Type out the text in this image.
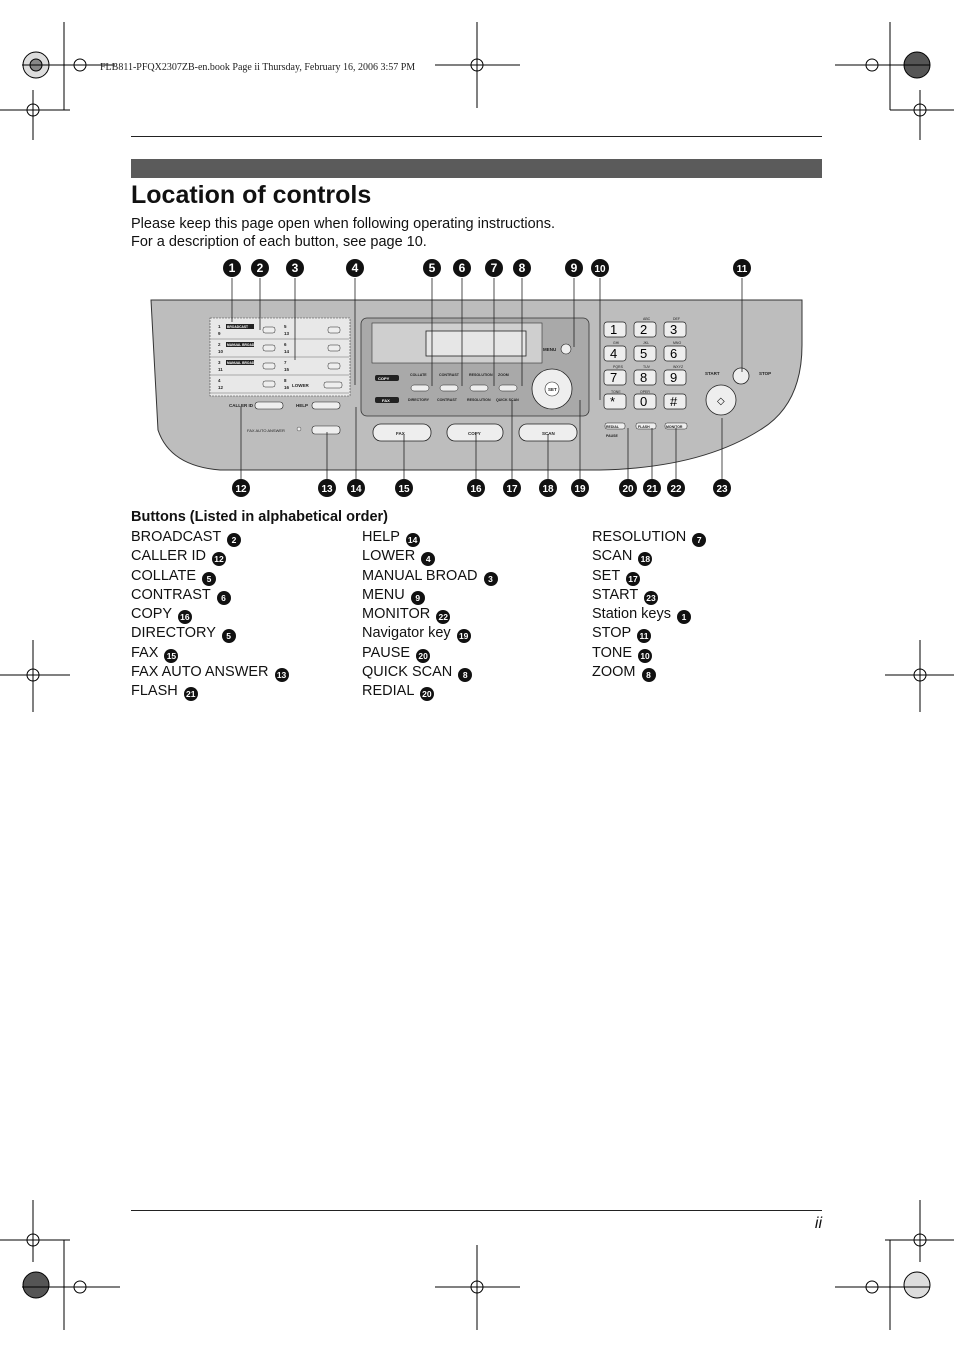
FLB811-PFQX2307ZB-en.book Page ii Thursday, February 16, 2006 3:57 PM
Location of controls
Please keep this page open when following operating instructions.
For a description of each button, see page 10.
1
9
5
13
BROADCAST
2
10
6
14
MANUAL BROAD
3
11
7
15
MANUAL BROAD
4
12
8
16
COLLATE
DIRECTORY
CONTRAST
CONTRAST
RESOLUTION
RESOLUTION
ZOOM
QUICK SCAN
COPY
FAX
SET
MENU
1
ABC
2
DEF
3
GHI
4
JKL
5
MNO
6
PQRS
7
TUV
8
WXYZ
9
* 0 #
TONE	OPER
◇
START	STOP
REDIAL
PAUSE
FLASH	MONITOR
FAX	COPY	SCAN
CALLER ID	HELP
FAX AUTO ANSWER
LOWER
1 2 3	4	5 6 7 8	9 10	11
12	13 14	15	16 17 18 19	20 21 22	23
Buttons (Listed in alphabetical order)
BROADCAST 2
CALLER ID 12
COLLATE 5
CONTRAST 6
COPY 16
DIRECTORY 5
FAX 15
FAX AUTO ANSWER 13
FLASH 21
HELP 14
LOWER 4
MANUAL BROAD 3
MENU 9
MONITOR 22
Navigator key 19
PAUSE 20
QUICK SCAN 8
REDIAL 20
RESOLUTION 7
SCAN 18
SET 17
START 23
Station keys 1
STOP 11
TONE 10
ZOOM 8
ii
